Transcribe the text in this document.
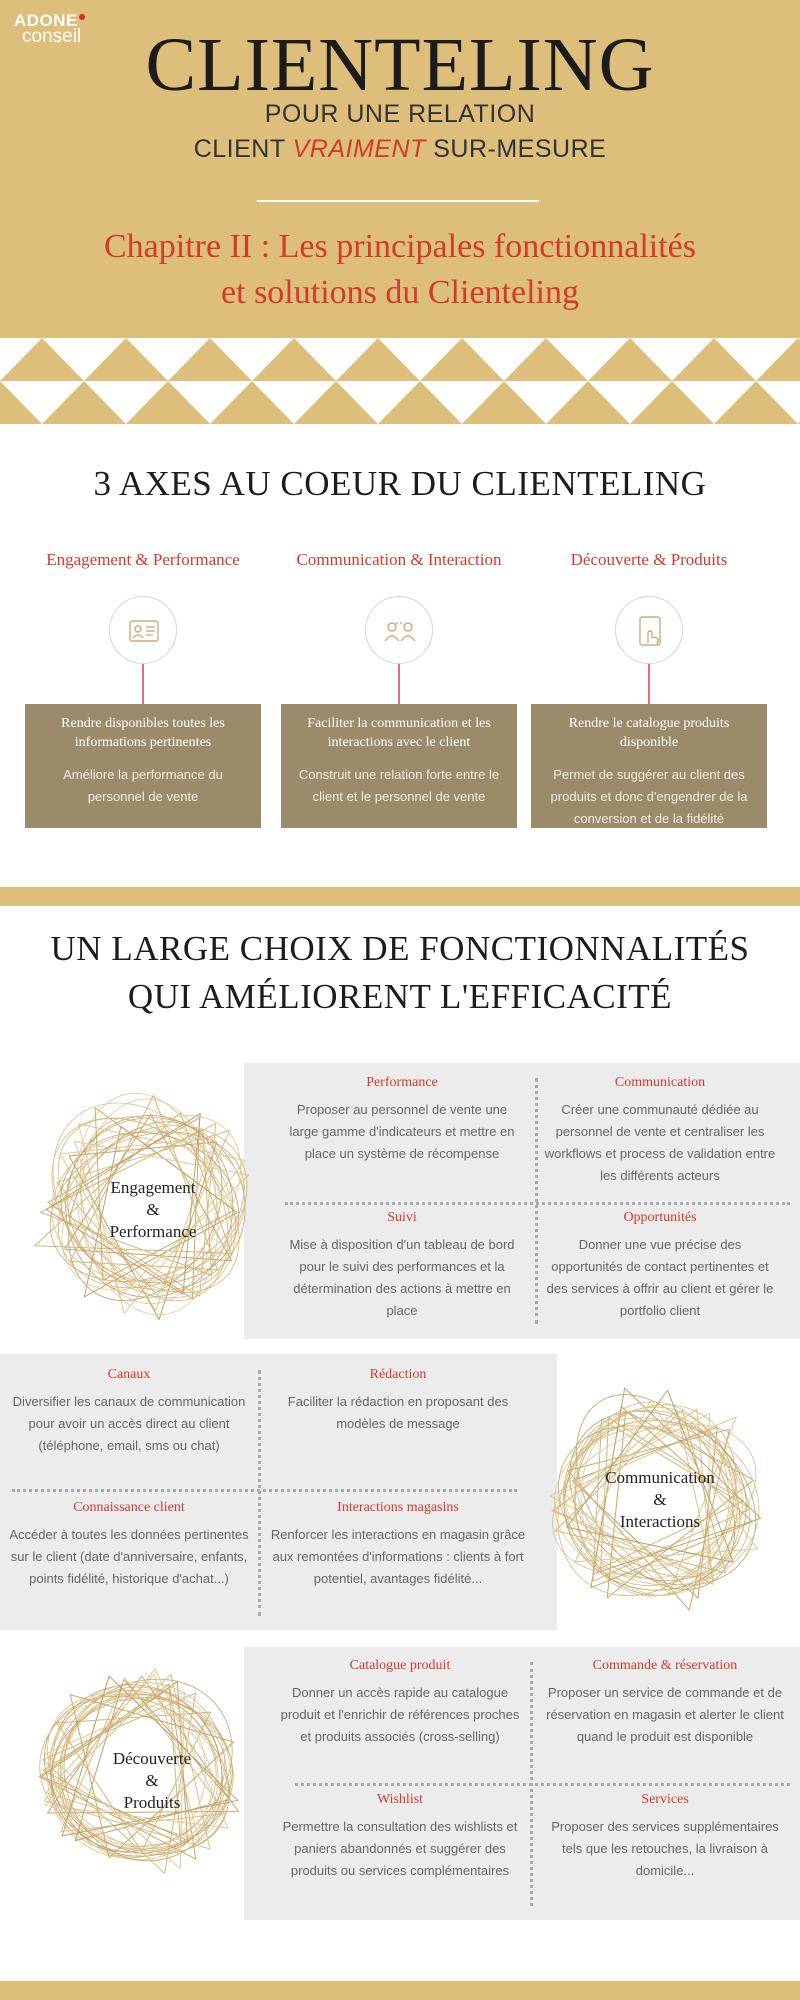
ADONE
conseil CLIENTELING
POUR UNE RELATION
CLIENT VRAIMENT SUR-MESURE
Chapitre II : Les principales fonctionnalités
et solutions du Clienteling
3 AXES AU COEUR DU CLIENTELING
Engagement & Performance
Rendre disponibles toutes les informations pertinentes
Améliore la performance du personnel de vente
Communication & Interaction
Faciliter la communication et les interactions avec le client
Construit une relation forte entre le client et le personnel de vente
Découverte & Produits
Rendre le catalogue produits disponible
Permet de suggérer au client des produits et donc d'engendrer de la conversion et de la fidélité
UN LARGE CHOIX DE FONCTIONNALITÉS
QUI AMÉLIORENT L'EFFICACITÉ
Performance
Proposer au personnel de vente une large gamme d'indicateurs et mettre en place un système de récompense
Communication
Créer une communauté dédiée au personnel de vente et centraliser les workflows et process de validation entre les différents acteurs
Suivi
Mise à disposition d'un tableau de bord pour le suivi des performances et la détermination des actions à mettre en place
Opportunités
Donner une vue précise des opportunités de contact pertinentes et des services à offrir au client et gérer le portfolio client
Engagement
&
Performance
Canaux
Diversifier les canaux de communication pour avoir un accès direct au client (téléphone, email, sms ou chat)
Rédaction
Faciliter la rédaction en proposant des modèles de message
Connaissance client
Accéder à toutes les données pertinentes sur le client (date d'anniversaire, enfants, points fidélité, historique d'achat...)
Interactions magasins
Renforcer les interactions en magasin grâce aux remontées d'informations : clients à fort potentiel, avantages fidélité...
Communication
&
Interactions
Catalogue produit
Donner un accès rapide au catalogue produit et l'enrichir de références proches et produits associés (cross-selling)
Commande & réservation
Proposer un service de commande et de réservation en magasin et alerter le client quand le produit est disponible
Wishlist
Permettre la consultation des wishlists et paniers abandonnés et suggérer des produits ou services complémentaires
Services
Proposer des services supplémentaires tels que les retouches, la livraison à domicile...
Découverte
&
Produits
